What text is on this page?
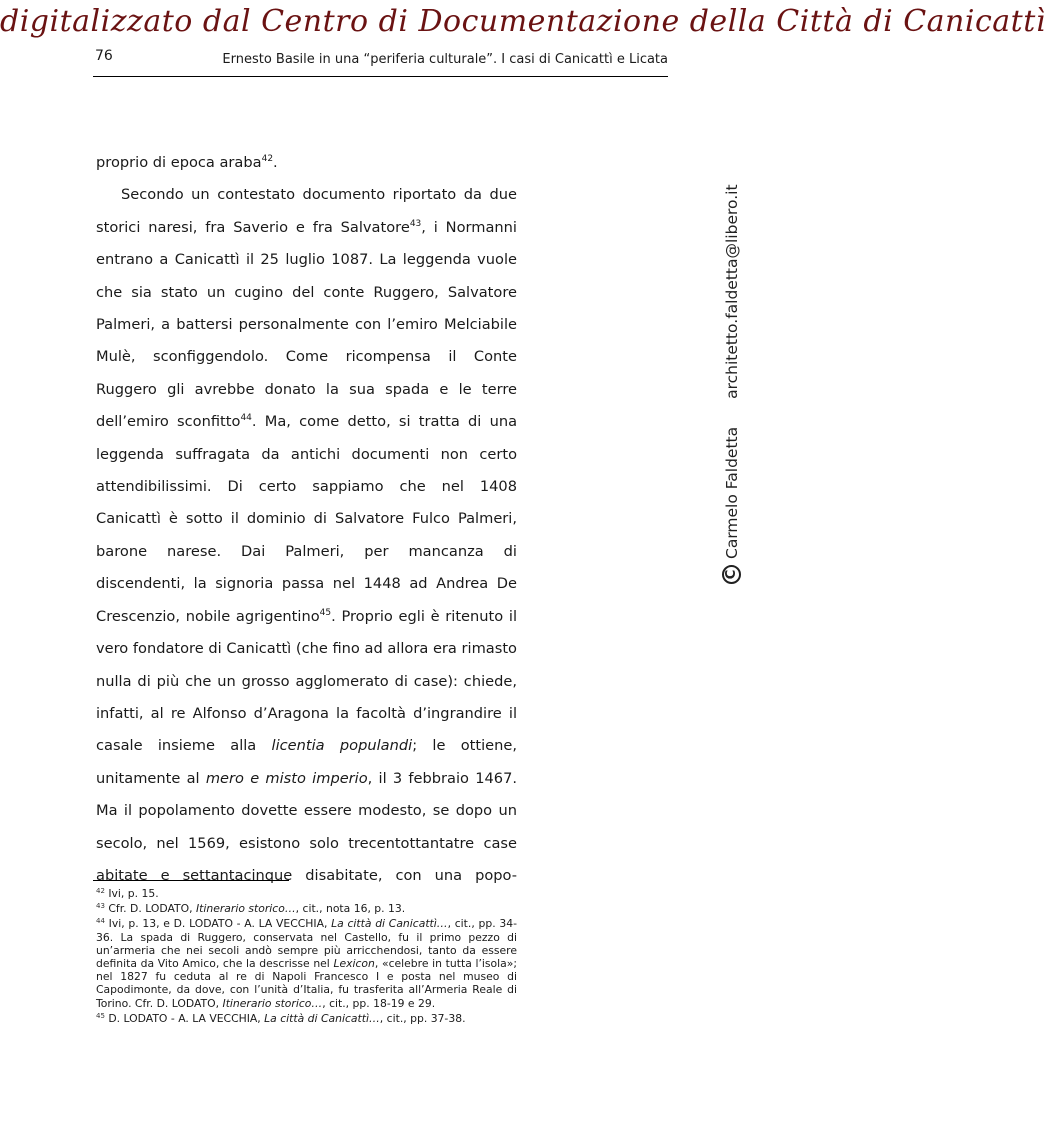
digitalizzato dal Centro di Documentazione della Città di Canicattì
76	Ernesto Basile in una “periferia culturale”. I casi di Canicattì e Licata

proprio di epoca araba$^{42}$.

Secondo un contestato documento riportato da due storici naresi, fra Saverio e fra Salvatore$^{43}$, i Normanni entrano a Canicattì il 25 luglio 1087. La leggenda vuole che sia stato un cugino del conte Ruggero, Salvatore Palmeri, a battersi personalmente con l’emiro Melciabile Mulè, sconfiggendolo. Come ricompensa il Conte Ruggero gli avrebbe donato la sua spada e le terre dell’emiro sconfitto$^{44}$. Ma, come detto, si tratta di una leggenda suffragata da antichi documenti non certo attendibilissimi. Di certo sappiamo che nel 1408 Canicattì è sotto il dominio di Salvatore Fulco Palmeri, barone narese. Dai Palmeri, per mancanza di discendenti, la signoria passa nel 1448 ad Andrea De Crescenzio, nobile agrigentino$^{45}$. Proprio egli è ritenuto il vero fondatore di Canicattì (che fino ad allora era rimasto nulla di più che un grosso agglomerato di case): chiede, infatti, al re Alfonso d’Aragona la facoltà d’ingrandire il casale insieme alla licentia populandi; le ottiene, unitamente al mero e misto imperio, il 3 febbraio 1467. Ma il popolamento dovette essere modesto, se dopo un secolo, nel 1569, esistono solo trecentottantatre case abitate e settantacinque disabitate, con una popo-

$^{42}$ Ivi, p. 15.

$^{43}$ Cfr. D. LODATO, Itinerario storico…, cit., nota 16, p. 13.

$^{44}$ Ivi, p. 13, e D. LODATO - A. LA VECCHIA, La città di Canicattì…, cit., pp. 34-36. La spada di Ruggero, conservata nel Castello, fu il primo pezzo di un’armeria che nei secoli andò sempre più arricchendosi, tanto da essere definita da Vito Amico, che la descrisse nel Lexicon, «celebre in tutta l’isola»; nel 1827 fu ceduta al re di Napoli Francesco I e posta nel museo di Capodimonte, da dove, con l’unità d’Italia, fu trasferita all’Armeria Reale di Torino. Cfr. D. LODATO, Itinerario storico…, cit., pp. 18-19 e 29.

$^{45}$ D. LODATO - A. LA VECCHIA, La città di Canicattì…, cit., pp. 37-38.

C
Carmelo Faldetta
architetto.faldetta@libero.it
